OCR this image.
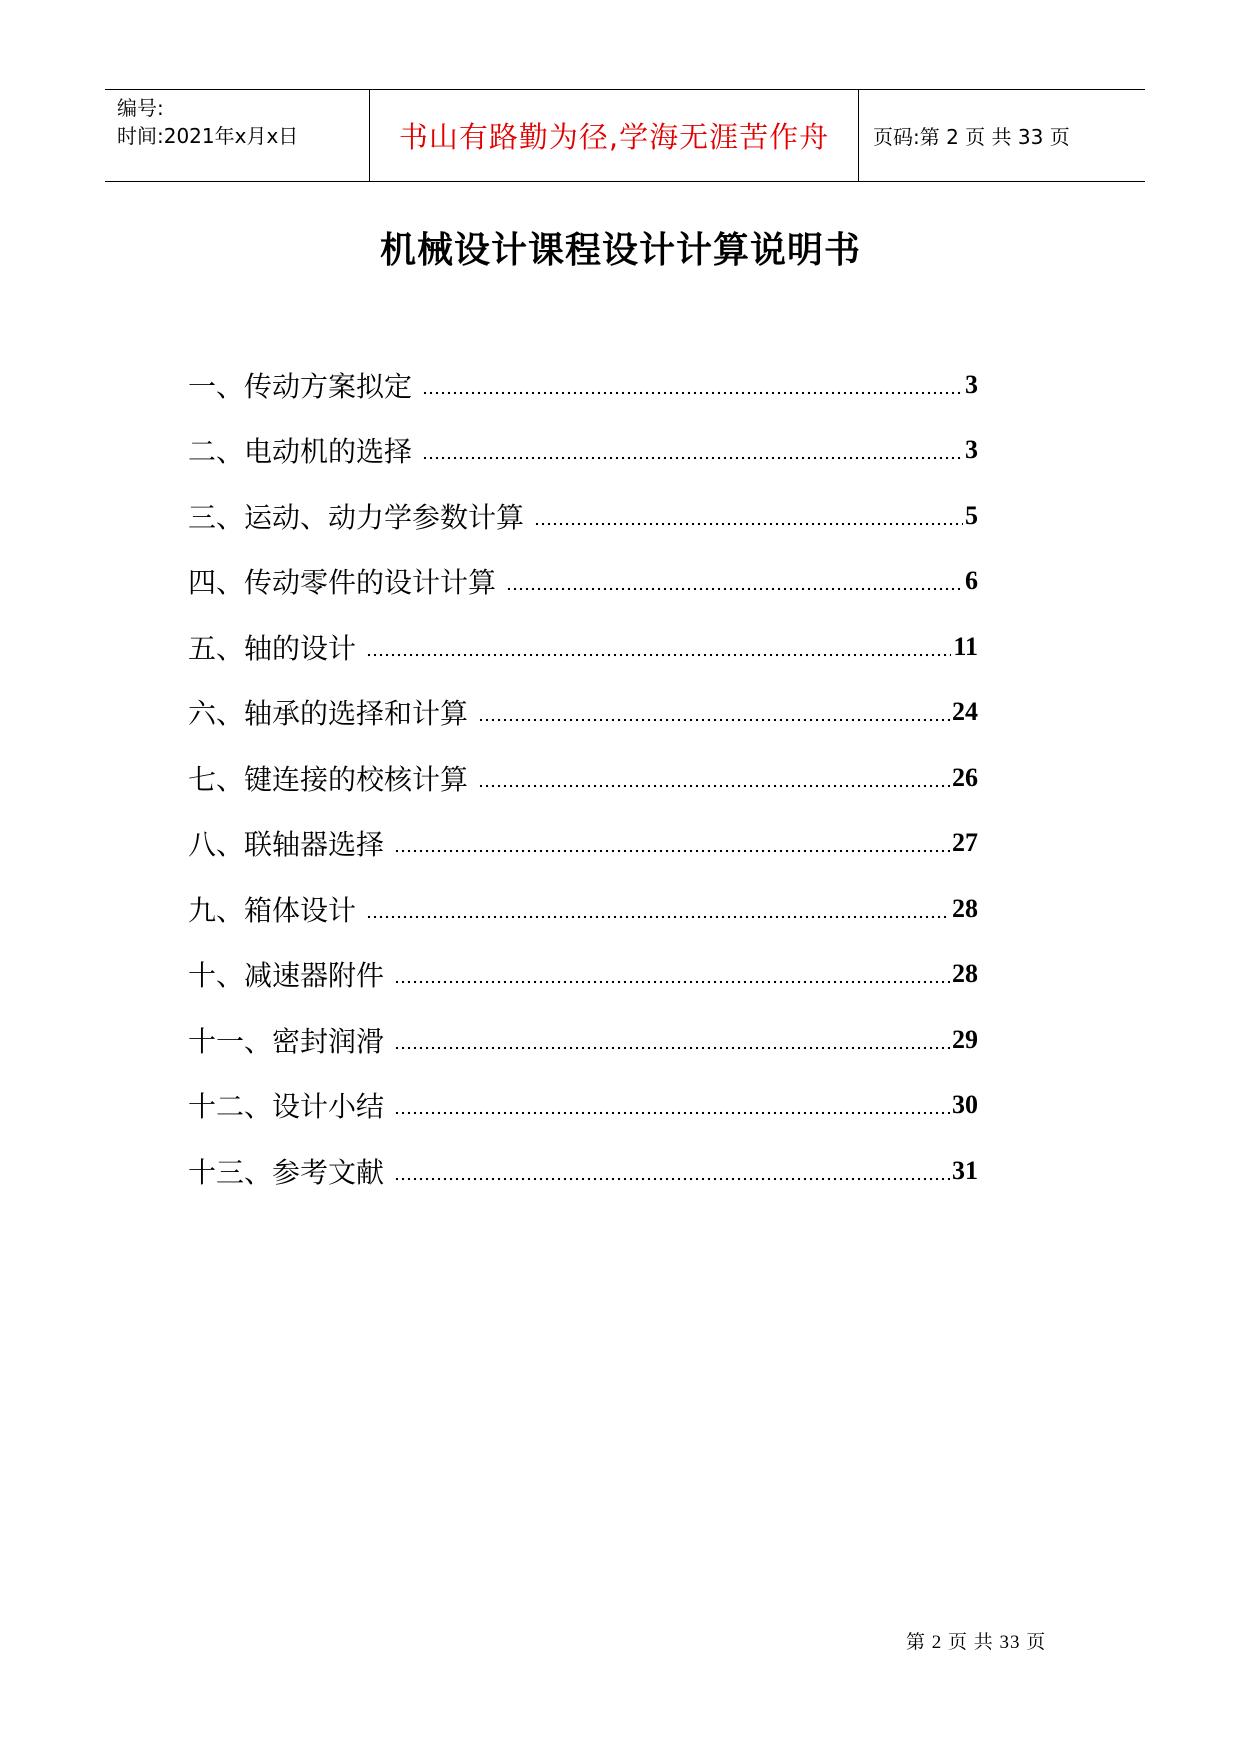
编号:
时间:2021年x月x日	书山有路勤为径,学海无涯苦作舟	页码:第 2 页 共 33 页
机械设计课程设计计算说明书
一、传动方案拟定	3
二、电动机的选择	3
三、运动、动力学参数计算	5
四、传动零件的设计计算	6
五、轴的设计	11
六、轴承的选择和计算	24
七、键连接的校核计算	26
八、联轴器选择	27
九、箱体设计	28
十、减速器附件	28
十一、密封润滑	29
十二、设计小结	30
十三、参考文献	31
第 2 页 共 33 页
